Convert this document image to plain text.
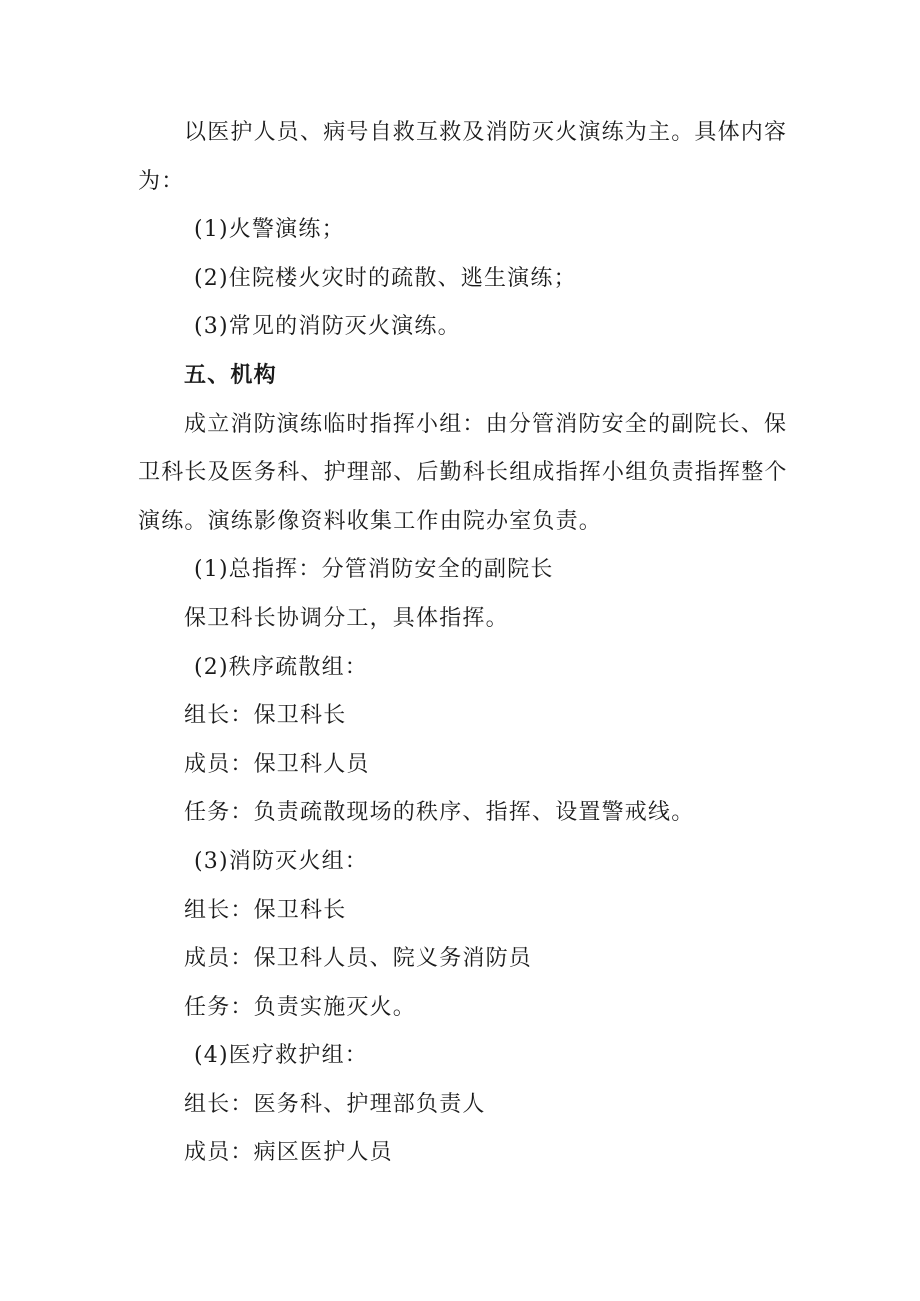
以医护人员、病号自救互救及消防灭火演练为主。具体内容
为：
(1)火警演练；
(2)住院楼火灾时的疏散、逃生演练；
(3)常见的消防灭火演练。
五、机构
成立消防演练临时指挥小组：由分管消防安全的副院长、保
卫科长及医务科、护理部、后勤科长组成指挥小组负责指挥整个
演练。演练影像资料收集工作由院办室负责。
(1)总指挥：分管消防安全的副院长
保卫科长协调分工，具体指挥。
(2)秩序疏散组：
组长：保卫科长
成员：保卫科人员
任务：负责疏散现场的秩序、指挥、设置警戒线。
(3)消防灭火组：
组长：保卫科长
成员：保卫科人员、院义务消防员
任务：负责实施灭火。
(4)医疗救护组：
组长：医务科、护理部负责人
成员：病区医护人员
